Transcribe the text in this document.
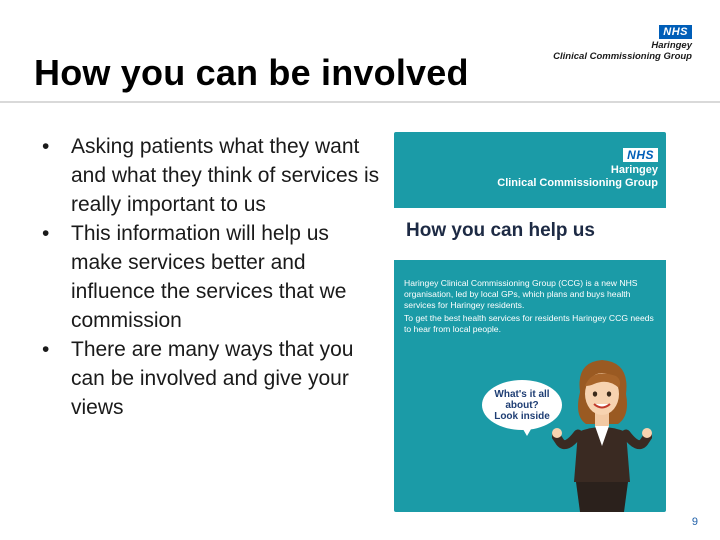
How you can be involved
NHS
Haringey
Clinical Commissioning Group
• Asking patients what they want and what they think of services is really important to us
• This information will help us make services better and influence the services that we commission
• There are many ways that you can be involved and give your views
NHS
Haringey
Clinical Commissioning Group
How you can help us

Haringey Clinical Commissioning Group (CCG) is a new NHS organisation, led by local GPs, which plans and buys health services for Haringey residents.

To get the best health services for residents Haringey CCG needs to hear from local people.

What's it all
about?
Look inside
9
